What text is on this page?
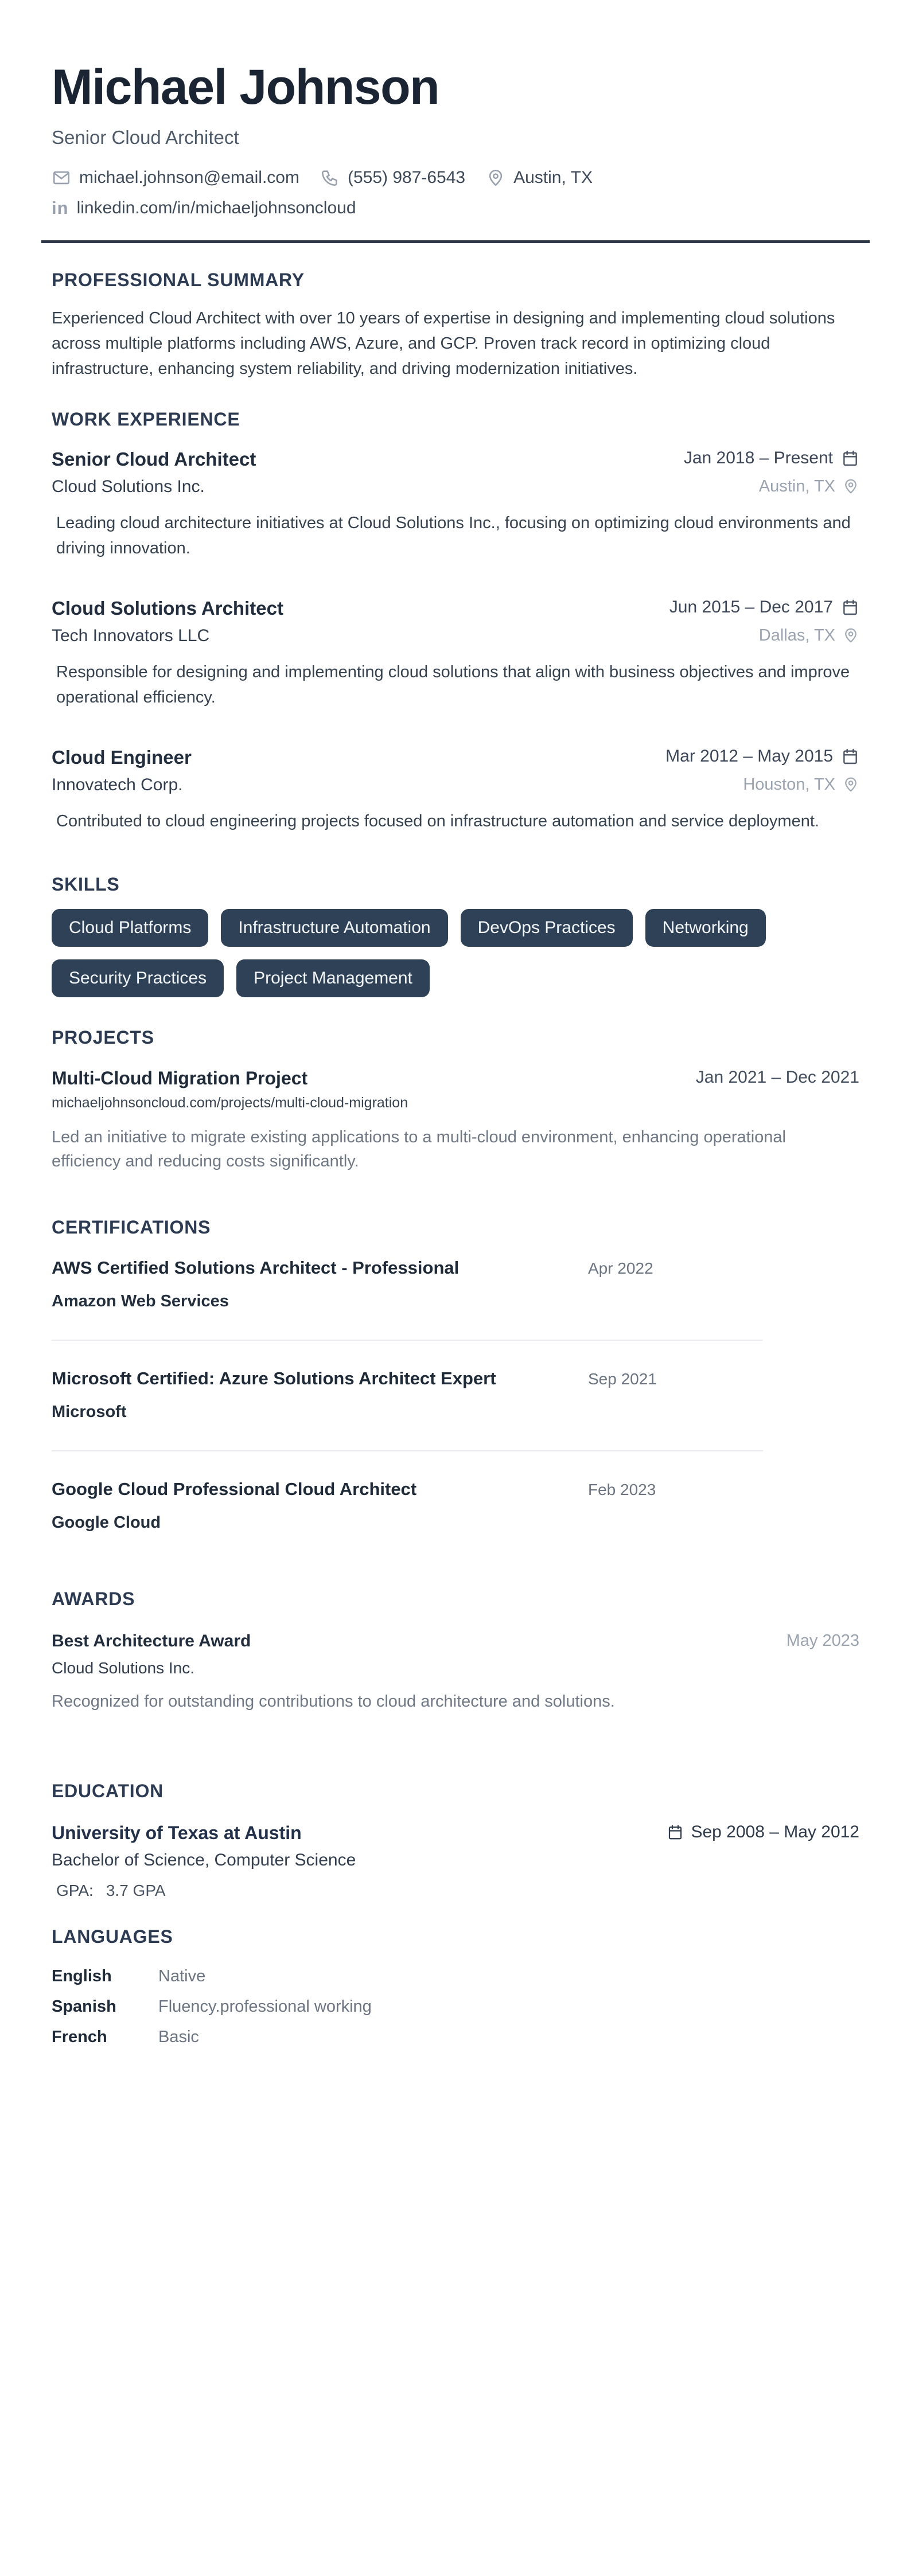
Michael Johnson
Senior Cloud Architect
michael.johnson@email.com	(555) 987-6543	Austin, TX
in linkedin.com/in/michaeljohnsoncloud
PROFESSIONAL SUMMARY

Experienced Cloud Architect with over 10 years of expertise in designing and implementing cloud solutions across multiple platforms including AWS, Azure, and GCP. Proven track record in optimizing cloud infrastructure, enhancing system reliability, and driving modernization initiatives.

WORK EXPERIENCE
Senior Cloud Architect	Jan 2018 – Present
Cloud Solutions Inc.	Austin, TX

Leading cloud architecture initiatives at Cloud Solutions Inc., focusing on optimizing cloud environments and driving innovation.

Cloud Solutions Architect	Jun 2015 – Dec 2017
Tech Innovators LLC	Dallas, TX

Responsible for designing and implementing cloud solutions that align with business objectives and improve operational efficiency.

Cloud Engineer	Mar 2012 – May 2015
Innovatech Corp.	Houston, TX

Contributed to cloud engineering projects focused on infrastructure automation and service deployment.

SKILLS
Cloud Platforms	Infrastructure Automation	DevOps Practices	Networking
Security Practices	Project Management
PROJECTS
Multi-Cloud Migration Project	Jan 2021 – Dec 2021
michaeljohnsoncloud.com/projects/multi-cloud-migration

Led an initiative to migrate existing applications to a multi-cloud environment, enhancing operational efficiency and reducing costs significantly.

CERTIFICATIONS
AWS Certified Solutions Architect - Professional	Apr 2022
Amazon Web Services
Microsoft Certified: Azure Solutions Architect Expert	Sep 2021
Microsoft
Google Cloud Professional Cloud Architect	Feb 2023
Google Cloud
AWARDS
Best Architecture Award	May 2023
Cloud Solutions Inc.

Recognized for outstanding contributions to cloud architecture and solutions.

EDUCATION
University of Texas at Austin	Sep 2008 – May 2012
Bachelor of Science, Computer Science
GPA: 3.7 GPA
LANGUAGES
English	Native
Spanish	Fluency.professional working
French	Basic
